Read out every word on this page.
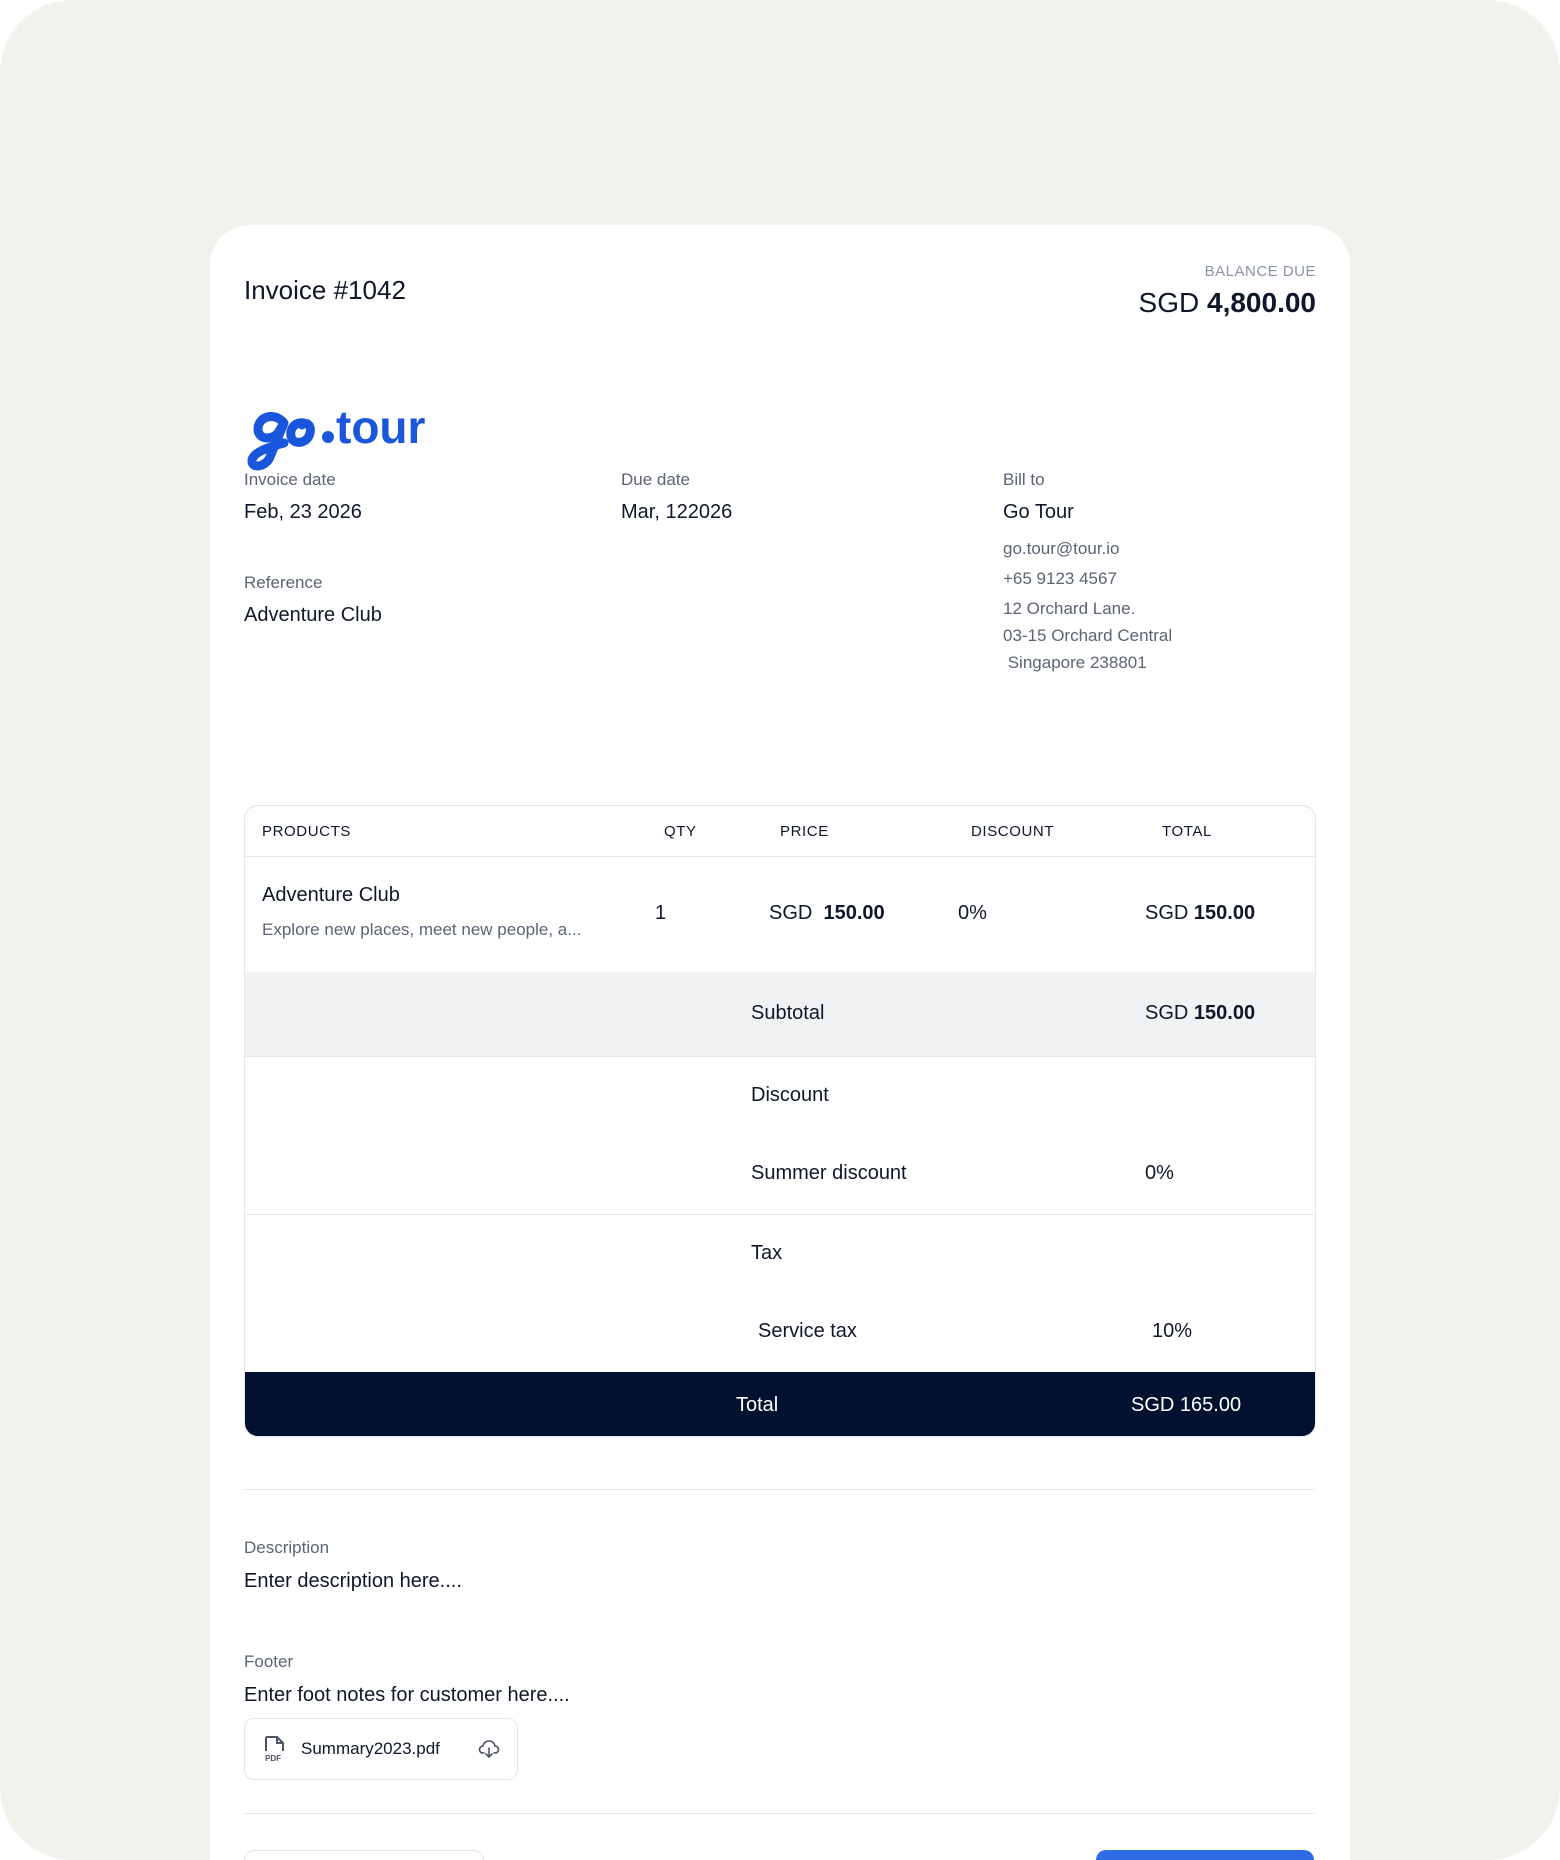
Invoice #1042
BALANCE DUE
SGD 4,800.00
tour
Invoice date
Feb, 23 2026
Due date
Mar, 122026
Reference
Adventure Club
Bill to
Go Tour
go.tour@tour.io
+65 9123 4567
12 Orchard Lane.
03-15 Orchard Central
Singapore 238801
PRODUCTS	QTY	PRICE	DISCOUNT	TOTAL
Adventure Club
Explore new places, meet new people, a...
1	SGD 150.00	0%	SGD 150.00
Subtotal	SGD 150.00
Discount
Summer discount	0%
Tax
Service tax	10%
Total	SGD 165.00
Description
Enter description here....
Footer
Enter foot notes for customer here....
PDF
Summary2023.pdf
